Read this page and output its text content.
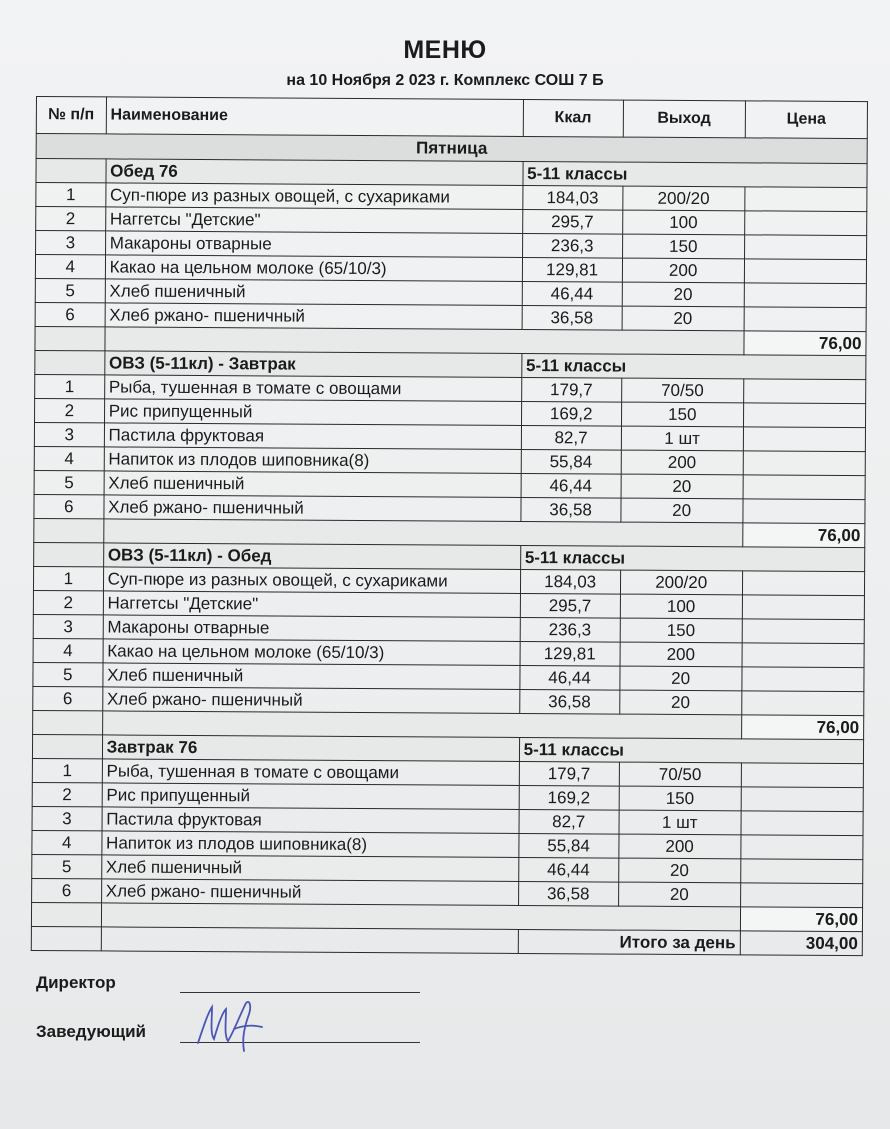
МЕНЮ
на 10 Ноября 2 023 г. Комплекс СОШ 7 Б
№ п/п	Наименование	Ккал	Выход	Цена
Пятница				
	Обед 76	5-11 классы		
1	Суп-пюре из разных овощей, с сухариками	184,03	200/20	
2	Наггетсы "Детские"	295,7	100	
3	Макароны отварные	236,3	150	
4	Какао на цельном молоке (65/10/3)	129,81	200	
5	Хлеб пшеничный	46,44	20	
6	Хлеб ржано- пшеничный	36,58	20	
				76,00
	ОВЗ (5-11кл) - Завтрак	5-11 классы		
1	Рыба, тушенная в томате с овощами	179,7	70/50	
2	Рис припущенный	169,2	150	
3	Пастила фруктовая	82,7	1 шт	
4	Напиток из плодов шиповника(8)	55,84	200	
5	Хлеб пшеничный	46,44	20	
6	Хлеб ржано- пшеничный	36,58	20	
				76,00
	ОВЗ (5-11кл) - Обед	5-11 классы		
1	Суп-пюре из разных овощей, с сухариками	184,03	200/20	
2	Наггетсы "Детские"	295,7	100	
3	Макароны отварные	236,3	150	
4	Какао на цельном молоке (65/10/3)	129,81	200	
5	Хлеб пшеничный	46,44	20	
6	Хлеб ржано- пшеничный	36,58	20	
				76,00
	Завтрак 76	5-11 классы		
1	Рыба, тушенная в томате с овощами	179,7	70/50	
2	Рис припущенный	169,2	150	
3	Пастила фруктовая	82,7	1 шт	
4	Напиток из плодов шиповника(8)	55,84	200	
5	Хлеб пшеничный	46,44	20	
6	Хлеб ржано- пшеничный	36,58	20	
				76,00
		Итого за день		304,00
Директор
Заведующий
